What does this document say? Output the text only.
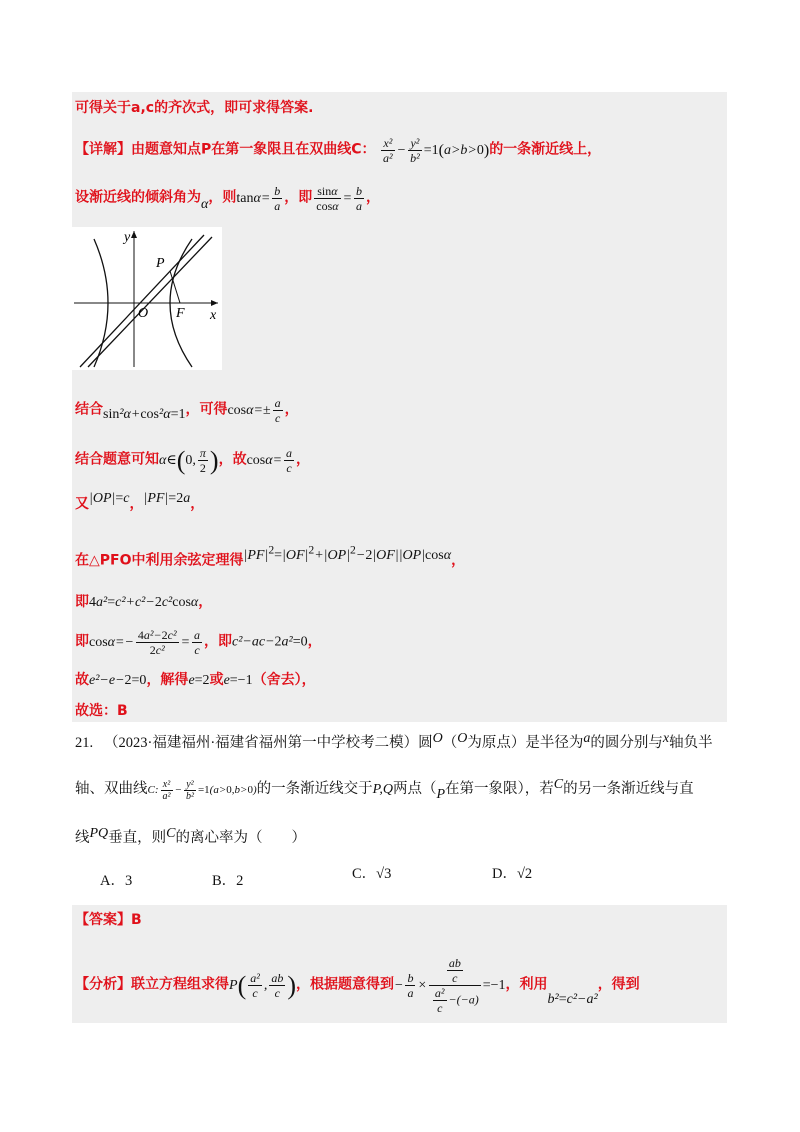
可得关于a,c的齐次式，即可求得答案.
【详解】由题意知点P在第一象限且在双曲线C： $\frac{\text{x²}}{\text{a²}} - \frac{\text{y²}}{\text{b²}} =1(a>b>0)$的一条渐近线上，
设渐近线的倾斜角为α，则$\tan\alpha= \frac{b}{a}$ ，即 $\frac{\sin\alpha}{\cos\alpha} = \frac{b}{a}$ ，
y
x
O F
P
结合sin²α+cos²α=1，可得$\cos\alpha=\pm \frac{a}{c}$ ，
结合题意可知α∈(0, $\frac{\pi}{2}$ )，故$\cos\alpha= \frac{a}{c}$ ，
又|OP|=c，|PF|=2a，
在△PFO中利用余弦定理得$|PF|^2=|OF|^2+|OP|^2-2|OF||OP|\cos\alpha$，
即4a²=c²+c²−2c²cosα，
即$\cos\alpha=- \frac{\text{4a²−2c²}}{\text{2c²}} = \frac{a}{c}$ ，即c²−ac−2a²=0，
故e²−e−2=0，解得e=2或e=−1（舍去），
故选：B
21. （2023·福建福州·福建省福州第一中学校考二模）圆O（O为原点）是半径为a的圆分别与x轴负半
轴、双曲线C: $\frac{\text{x²}}{\text{a²}} - \frac{\text{y²}}{\text{b²}} =1(a>0,b>0)$的一条渐近线交于P,Q两点（P在第一象限），若C的另一条渐近线与直
线PQ垂直，则C的离心率为（　　）
A．3	B．2	C．√3	D．√2
【答案】B
【分析】联立方程组求得$P( \frac{\text{a²}}{c}$ , $\frac{ab}{c}$ )，根据题意得到− $\frac{b}{a} \times \frac{\frac{ab}{c}}{\frac{\text{a²}}{c} -(-a)} =-1$，利用b²=c²−a²，得到
